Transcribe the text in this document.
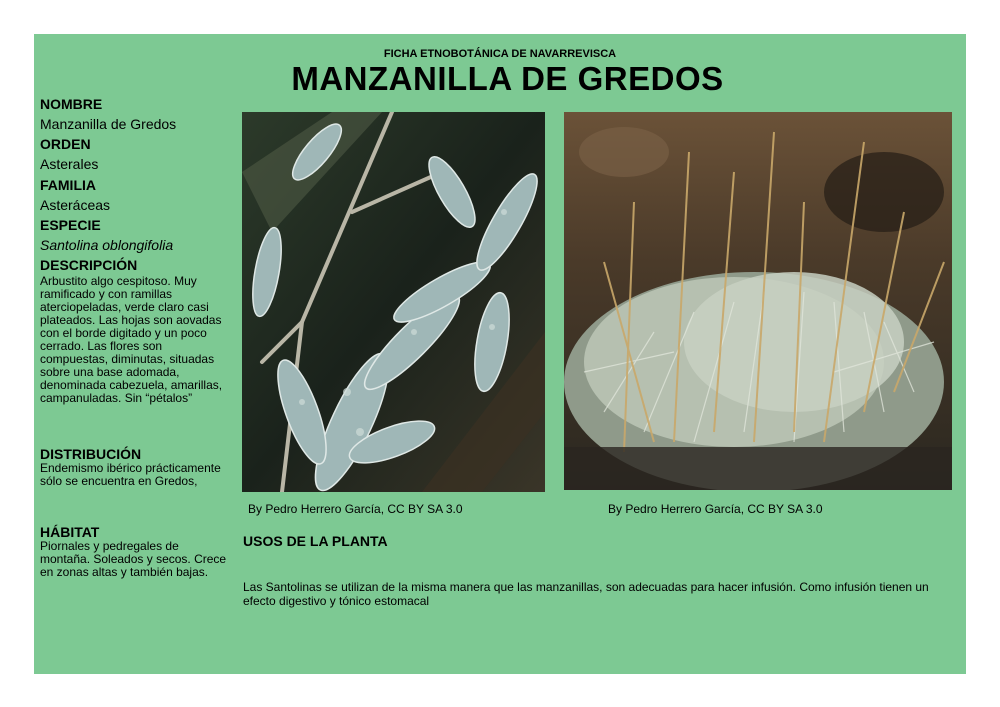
FICHA ETNOBOTÁNICA DE NAVARREVISCA
MANZANILLA DE GREDOS
NOMBRE
Manzanilla de Gredos
ORDEN
Asterales
FAMILIA
Asteráceas
ESPECIE
Santolina oblongifolia
DESCRIPCIÓN
Arbustito algo cespitoso. Muy ramificado y con ramillas aterciopeladas, verde claro casi plateados. Las hojas son aovadas con el borde digitado y un poco cerrado. Las flores son compuestas, diminutas, situadas sobre una base adomada, denominada cabezuela, amarillas, campanuladas. Sin “pétalos”
DISTRIBUCIÓN
Endemismo ibérico prácticamente sólo se encuentra en Gredos,
HÁBITAT
Piornales y pedregales de montaña. Soleados y secos. Crece en zonas altas y también bajas.
By Pedro Herrero García, CC BY SA 3.0	By Pedro Herrero García, CC BY SA 3.0
USOS DE LA PLANTA
Las Santolinas se utilizan de la misma manera que las manzanillas, son adecuadas para hacer infusión. Como infusión tienen un efecto digestivo y tónico estomacal
